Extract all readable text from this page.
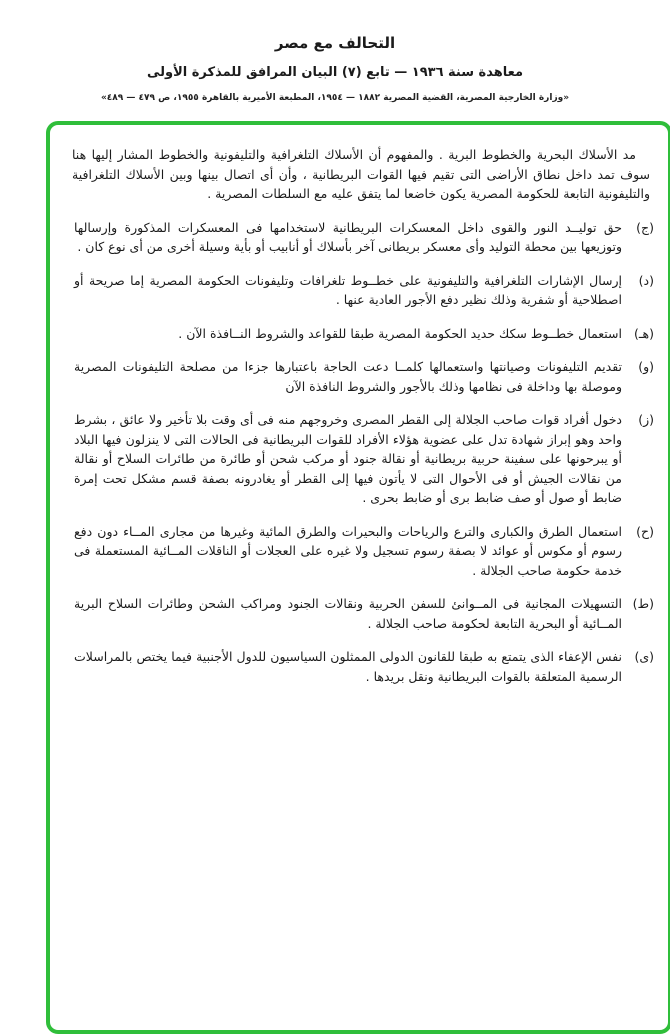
التحالف مع مصر
معاهدة سنة ١٩٣٦ — تابع (٧) البيان المرافق للمذكرة الأولى
«وزارة الخارجية المصرية، القضية المصرية ١٨٨٢ — ١٩٥٤، المطبعة الأميرية بالقاهرة ١٩٥٥، ص ٤٧٩ — ٤٨٩»

مد الأسلاك البحرية والخطوط البرية . والمفهوم أن الأسلاك التلغرافية والتليفونية والخطوط المشار إليها هنا سوف تمد داخل نطاق الأراضى التى تقيم فيها القوات البريطانية ، وأن أى اتصال بينها وبين الأسلاك التلغرافية والتليفونية التابعة للحكومة المصرية يكون خاضعا لما يتفق عليه مع السلطات المصرية .

(ج)

حق توليــد النور والقوى داخل المعسكرات البريطانية لاستخدامها فى المعسكرات المذكورة وإرسالها وتوزيعها بين محطة التوليد وأى معسكر بريطانى آخر بأسلاك أو أنابيب أو بأية وسيلة أخرى من أى نوع كان .

(د)

إرسال الإشارات التلغرافية والتليفونية على خطــوط تلغرافات وتليفونات الحكومة المصرية إما صريحة أو اصطلاحية أو شفرية وذلك نظير دفع الأجور العادية عنها .

(هـ)

استعمال خطــوط سكك حديد الحكومة المصرية طبقا للقواعد والشروط النــافذة الآن .

(و)

تقديم التليفونات وصيانتها واستعمالها كلمــا دعت الحاجة باعتبارها جزءا من مصلحة التليفونات المصرية وموصلة بها وداخلة فى نظامها وذلك بالأجور والشروط النافذة الآن

(ز)

دخول أفراد قوات صاحب الجلالة إلى القطر المصرى وخروجهم منه فى أى وقت بلا تأخير ولا عائق ، بشرط واحد وهو إبراز شهادة تدل على عضوية هؤلاء الأفراد للقوات البريطانية فى الحالات التى لا ينزلون فيها البلاد أو يبرحونها على سفينة حربية بريطانية أو نقالة جنود أو مركب شحن أو طائرة من طائرات السلاح أو نقالة من نقالات الجيش أو فى الأحوال التى لا يأتون فيها إلى القطر أو يغادرونه بصفة قسم مشكل تحت إمرة ضابط أو صول أو صف ضابط برى أو ضابط بحرى .

(ح)

استعمال الطرق والكبارى والترع والرياحات والبحيرات والطرق المائية وغيرها من مجارى المــاء دون دفع رسوم أو مكوس أو عوائد لا بصفة رسوم تسجيل ولا غيره على العجلات أو الناقلات المــائية المستعملة فى خدمة حكومة صاحب الجلالة .

(ط)

التسهيلات المجانية فى المــوانئ للسفن الحربية ونقالات الجنود ومراكب الشحن وطائرات السلاح البرية المــائية أو البحرية التابعة لحكومة صاحب الجلالة .

(ى)

نفس الإعفاء الذى يتمتع به طبقا للقانون الدولى الممثلون السياسيون للدول الأجنبية فيما يختص بالمراسلات الرسمية المتعلقة بالقوات البريطانية ونقل بريدها .
